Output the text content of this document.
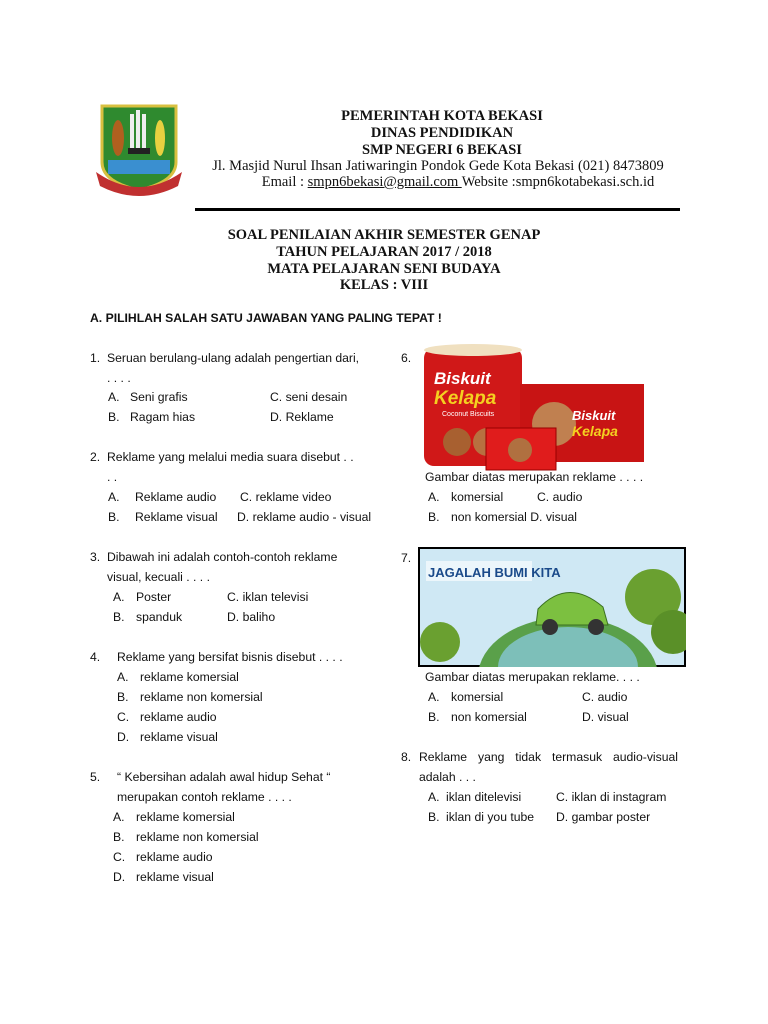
PEMERINTAH KOTA BEKASI
DINAS PENDIDIKAN
SMP NEGERI 6 BEKASI
Jl. Masjid Nurul Ihsan Jatiwaringin Pondok Gede Kota Bekasi (021) 8473809
Email : smpn6bekasi@gmail.com Website :smpn6kotabekasi.sch.id
SOAL PENILAIAN AKHIR SEMESTER GENAP
TAHUN PELAJARAN 2017 / 2018
MATA PELAJARAN SENI BUDAYA
KELAS : VIII
A. PILIHLAH SALAH SATU JAWABAN YANG PALING TEPAT !
1. Seruan berulang-ulang adalah pengertian dari,
. . . .
A. Seni grafis	C. seni desain
B. Ragam hias	D. Reklame
2. Reklame yang melalui media suara disebut . .
. .
A. Reklame audio C. reklame video
B. Reklame visual D. reklame audio - visual
3. Dibawah ini adalah contoh-contoh reklame
visual, kecuali . . . .
A. Poster	C. iklan televisi
B. spanduk	D. baliho
4. Reklame yang bersifat bisnis disebut . . . .
A. reklame komersial
B. reklame non komersial
C. reklame audio
D. reklame visual
5. “ Kebersihan adalah awal hidup Sehat “
merupakan contoh reklame . . . .
A. reklame komersial
B. reklame non komersial
C. reklame audio
D. reklame visual
6.
Biskuit
Kelapa
Coconut Biscuits	Biskuit
Kelapa
Gambar diatas merupakan reklame . . . .
A. komersial	C. audio
B. non komersial D. visual
7.
JAGALAH BUMI KITA
Gambar diatas merupakan reklame. . . .
A. komersial	C. audio
B. non komersial	D. visual
8. Reklame yang tidak termasuk audio-visual
adalah . . .
A. iklan ditelevisi	C. iklan di instagram
B. iklan di you tube D. gambar poster
